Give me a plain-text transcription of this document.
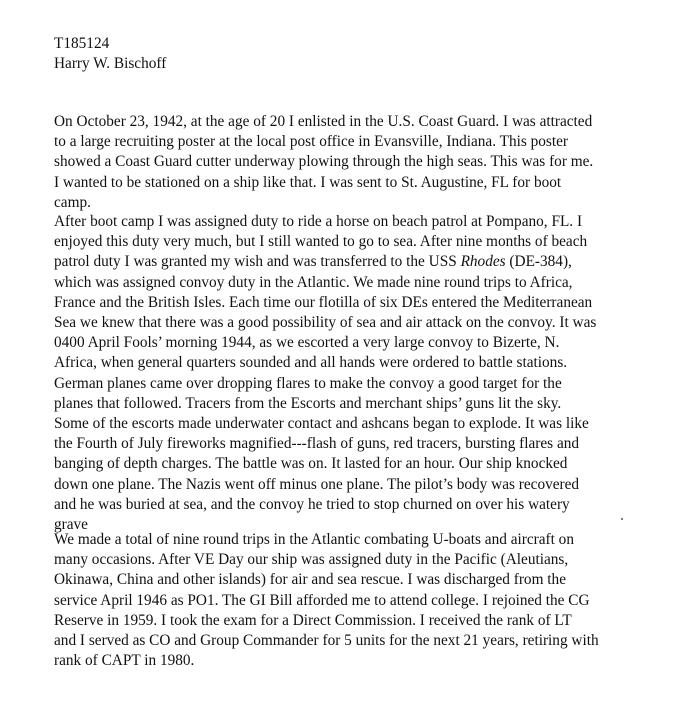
T185124
Harry W. Bischoff

On October 23, 1942, at the age of 20 I enlisted in the U.S. Coast Guard. I was attracted
to a large recruiting poster at the local post office in Evansville, Indiana. This poster
showed a Coast Guard cutter underway plowing through the high seas. This was for me.
I wanted to be stationed on a ship like that. I was sent to St. Augustine, FL for boot
camp.

After boot camp I was assigned duty to ride a horse on beach patrol at Pompano, FL. I
enjoyed this duty very much, but I still wanted to go to sea. After nine months of beach
patrol duty I was granted my wish and was transferred to the USS Rhodes (DE-384),
which was assigned convoy duty in the Atlantic. We made nine round trips to Africa,
France and the British Isles. Each time our flotilla of six DEs entered the Mediterranean
Sea we knew that there was a good possibility of sea and air attack on the convoy. It was
0400 April Fools’ morning 1944, as we escorted a very large convoy to Bizerte, N.
Africa, when general quarters sounded and all hands were ordered to battle stations.
German planes came over dropping flares to make the convoy a good target for the
planes that followed. Tracers from the Escorts and merchant ships’ guns lit the sky.
Some of the escorts made underwater contact and ashcans began to explode. It was like
the Fourth of July fireworks magnified---flash of guns, red tracers, bursting flares and
banging of depth charges. The battle was on. It lasted for an hour. Our ship knocked
down one plane. The Nazis went off minus one plane. The pilot’s body was recovered
and he was buried at sea, and the convoy he tried to stop churned on over his watery
grave

We made a total of nine round trips in the Atlantic combating U-boats and aircraft on
many occasions. After VE Day our ship was assigned duty in the Pacific (Aleutians,
Okinawa, China and other islands) for air and sea rescue. I was discharged from the
service April 1946 as PO1. The GI Bill afforded me to attend college. I rejoined the CG
Reserve in 1959. I took the exam for a Direct Commission. I received the rank of LT
and I served as CO and Group Commander for 5 units for the next 21 years, retiring with
rank of CAPT in 1980.
